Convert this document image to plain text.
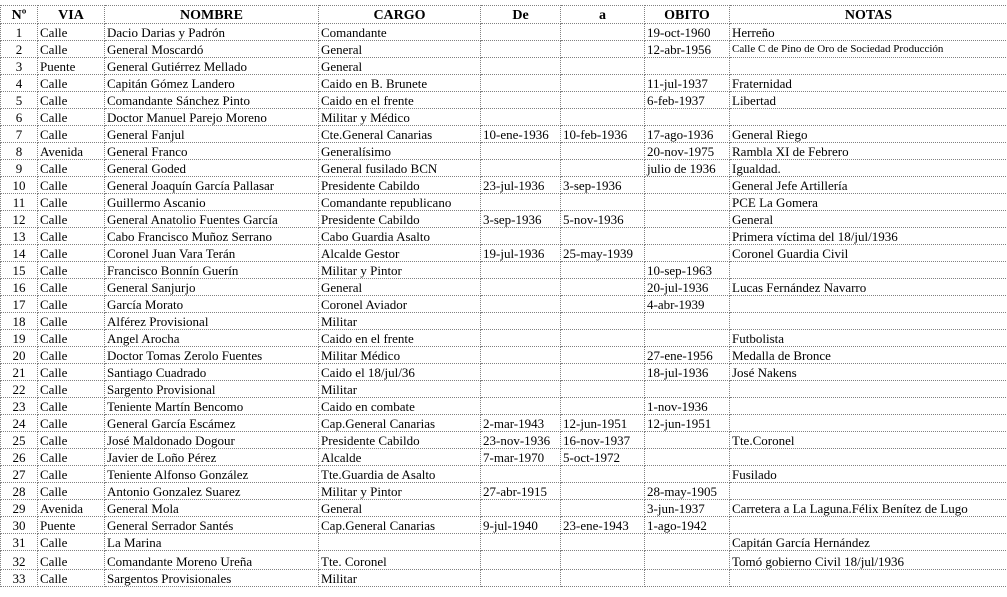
Nº	VIA	NOMBRE	CARGO	De	a	OBITO	NOTAS
1	Calle	Dacio Darias y Padrón	Comandante			19-oct-1960	Herreño
2	Calle	General Moscardó	General			12-abr-1956	Calle C de Pino de Oro de Sociedad Producción
3	Puente	General Gutiérrez Mellado	General				
4	Calle	Capitán Gómez Landero	Caido en B. Brunete			11-jul-1937	Fraternidad
5	Calle	Comandante Sánchez Pinto	Caido en el frente			6-feb-1937	Libertad
6	Calle	Doctor Manuel Parejo Moreno	Militar y Médico				
7	Calle	General Fanjul	Cte.General Canarias	10-ene-1936	10-feb-1936	17-ago-1936	General Riego
8	Avenida	General Franco	Generalísimo			20-nov-1975	Rambla XI de Febrero
9	Calle	General Goded	General fusilado BCN			julio de 1936	Igualdad.
10	Calle	General Joaquín García Pallasar	Presidente Cabildo	23-jul-1936	3-sep-1936		General Jefe Artillería
11	Calle	Guillermo Ascanio	Comandante republicano				PCE La Gomera
12	Calle	General Anatolio Fuentes García	Presidente Cabildo	3-sep-1936	5-nov-1936		General
13	Calle	Cabo Francisco Muñoz Serrano	Cabo Guardia Asalto				Primera víctima del 18/jul/1936
14	Calle	Coronel Juan Vara Terán	Alcalde Gestor	19-jul-1936	25-may-1939		Coronel Guardia Civil
15	Calle	Francisco Bonnín Guerín	Militar y Pintor			10-sep-1963	
16	Calle	General Sanjurjo	General			20-jul-1936	Lucas Fernández Navarro
17	Calle	García Morato	Coronel Aviador			4-abr-1939	
18	Calle	Alférez Provisional	Militar				
19	Calle	Angel Arocha	Caido en el frente				Futbolista
20	Calle	Doctor Tomas Zerolo Fuentes	Militar Médico			27-ene-1956	Medalla de Bronce
21	Calle	Santiago Cuadrado	Caido el 18/jul/36			18-jul-1936	José Nakens
22	Calle	Sargento Provisional	Militar				
23	Calle	Teniente Martín Bencomo	Caido en combate			1-nov-1936	
24	Calle	General García Escámez	Cap.General Canarias	2-mar-1943	12-jun-1951	12-jun-1951	
25	Calle	José Maldonado Dogour	Presidente Cabildo	23-nov-1936	16-nov-1937		Tte.Coronel
26	Calle	Javier de Loño Pérez	Alcalde	7-mar-1970	5-oct-1972		
27	Calle	Teniente Alfonso González	Tte.Guardia de Asalto				Fusilado
28	Calle	Antonio Gonzalez Suarez	Militar y Pintor	27-abr-1915		28-may-1905	
29	Avenida	General Mola	General			3-jun-1937	Carretera a La Laguna.Félix Benítez de Lugo
30	Puente	General Serrador Santés	Cap.General Canarias	9-jul-1940	23-ene-1943	1-ago-1942	
31	Calle	La Marina					Capitán García Hernández
32	Calle	Comandante Moreno Ureña	Tte. Coronel				Tomó gobierno Civil 18/jul/1936
33	Calle	Sargentos Provisionales	Militar				
